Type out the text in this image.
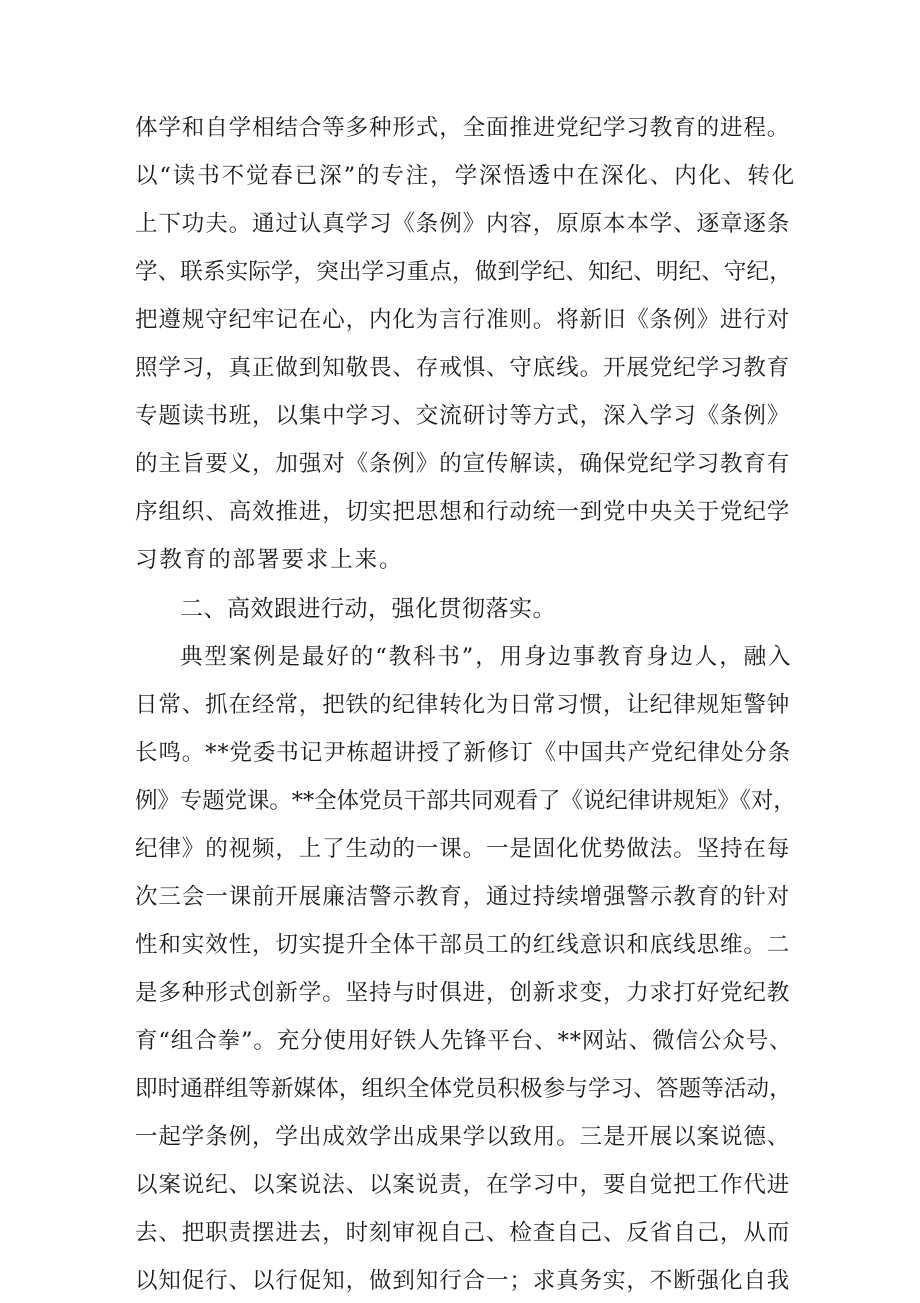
体学和自学相结合等多种形式，全面推进党纪学习教育的进程。
以“读书不觉春已深”的专注，学深悟透中在深化、内化、转化
上下功夫。通过认真学习《条例》内容，原原本本学、逐章逐条
学、联系实际学，突出学习重点，做到学纪、知纪、明纪、守纪，
把遵规守纪牢记在心，内化为言行准则。将新旧《条例》进行对
照学习，真正做到知敬畏、存戒惧、守底线。开展党纪学习教育
专题读书班，以集中学习、交流研讨等方式，深入学习《条例》
的主旨要义，加强对《条例》的宣传解读，确保党纪学习教育有
序组织、高效推进，切实把思想和行动统一到党中央关于党纪学
习教育的部署要求上来。
二、高效跟进行动，强化贯彻落实。
典型案例是最好的“教科书”，用身边事教育身边人，融入
日常、抓在经常，把铁的纪律转化为日常习惯，让纪律规矩警钟
长鸣。**党委书记尹栋超讲授了新修订《中国共产党纪律处分条
例》专题党课。**全体党员干部共同观看了《说纪律讲规矩》《对，
纪律》的视频，上了生动的一课。一是固化优势做法。坚持在每
次三会一课前开展廉洁警示教育，通过持续增强警示教育的针对
性和实效性，切实提升全体干部员工的红线意识和底线思维。二
是多种形式创新学。坚持与时俱进，创新求变，力求打好党纪教
育“组合拳”。充分使用好铁人先锋平台、**网站、微信公众号、
即时通群组等新媒体，组织全体党员积极参与学习、答题等活动，
一起学条例，学出成效学出成果学以致用。三是开展以案说德、
以案说纪、以案说法、以案说责，在学习中，要自觉把工作代进
去、把职责摆进去，时刻审视自己、检查自己、反省自己，从而
以知促行、以行促知，做到知行合一；求真务实，不断强化自我
